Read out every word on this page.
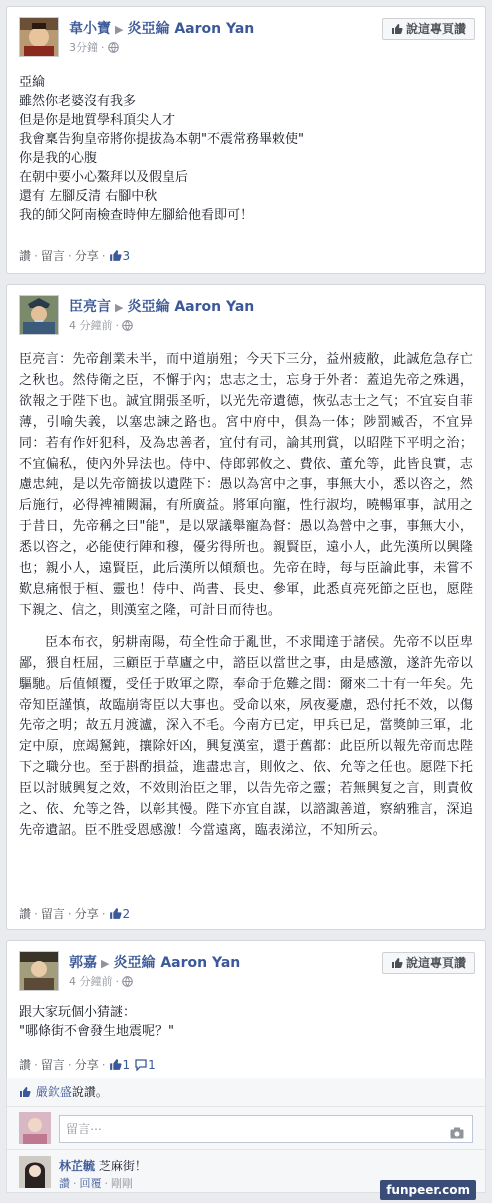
韋小寶 ▶ 炎亞綸 Aaron Yan
3分鐘 ·
說這專頁讚
亞綸
雖然你老婆沒有我多
但是你是地質學科頂尖人才
我會稟告狗皇帝將你提拔為本朝"不震常務畢敕使"
你是我的心腹
在朝中要小心鰲拜以及假皇后
還有 左腳反清 右腳中秋
我的師父阿南檢查時伸左腳給他看即可！
讚 · 留言 · 分享 · 3
臣亮言 ▶ 炎亞綸 Aaron Yan
4 分鐘前 ·
臣亮言：先帝創業未半，而中道崩殂；今天下三分，益州疲敝，此誠危急存亡之秋也。然侍衛之臣，不懈于內；忠志之士，忘身于外者：蓋追先帝之殊遇，欲報之于陛下也。誠宜開張圣听，以光先帝遺德，恢弘志士之气；不宜妄自菲薄，引喻失義，以塞忠諫之路也。宮中府中，俱為一体；陟罰臧否，不宜异同：若有作奸犯科，及為忠善者，宜付有司，論其刑賞，以昭陛下平明之治；不宜偏私，使內外异法也。侍中、侍郎郭攸之、費依、董允等，此皆良實，志慮忠純，是以先帝簡拔以遺陛下：愚以為宮中之事，事無大小，悉以咨之，然后施行，必得裨補闕漏，有所廣益。將軍向寵，性行淑均，曉暢軍事，試用之于昔日，先帝稱之曰"能"，是以眾議舉寵為督：愚以為營中之事，事無大小，悉以咨之，必能使行陣和穆，優劣得所也。親賢臣，遠小人，此先漢所以興隆也；親小人，遠賢臣，此后漢所以傾頹也。先帝在時，每与臣論此事，未嘗不歎息痛恨于桓、靈也！侍中、尚書、長史、參軍，此悉貞亮死節之臣也，愿陛下親之、信之，則漢室之隆，可計日而待也。
臣本布衣，躬耕南陽，苟全性命于亂世，不求聞達于諸侯。先帝不以臣卑鄙，猥自枉屈，三顧臣于草廬之中，諮臣以當世之事，由是感激，遂許先帝以驅馳。后值傾覆，受任于敗軍之際，奉命于危難之間：爾來二十有一年矣。先帝知臣謹慎，故臨崩寄臣以大事也。受命以來，夙夜憂慮，恐付托不效，以傷先帝之明；故五月渡瀘，深入不毛。今南方已定，甲兵已足，當獎帥三軍，北定中原，庶竭駑鈍，攘除奸凶，興复漢室，還于舊都：此臣所以報先帝而忠陛下之職分也。至于斟酌損益，進盡忠言，則攸之、依、允等之任也。愿陛下托臣以討賊興复之效，不效則治臣之罪，以告先帝之靈；若無興复之言，則責攸之、依、允等之咎，以彰其慢。陛下亦宜自謀，以諮諏善道，察納雅言，深追先帝遺詔。臣不胜受恩感激！今當遠离，臨表涕泣，不知所云。
讚 · 留言 · 分享 · 2
郭嘉 ▶ 炎亞綸 Aaron Yan
4 分鐘前 ·
說這專頁讚
跟大家玩個小猜謎：
"哪條街不會發生地震呢？"
讚 · 留言 · 分享 · 1 1
嚴欽盛說讚。
留言⋯
林芷毓 芝麻街！
讚 · 回覆 · 剛剛	funpeer.com
